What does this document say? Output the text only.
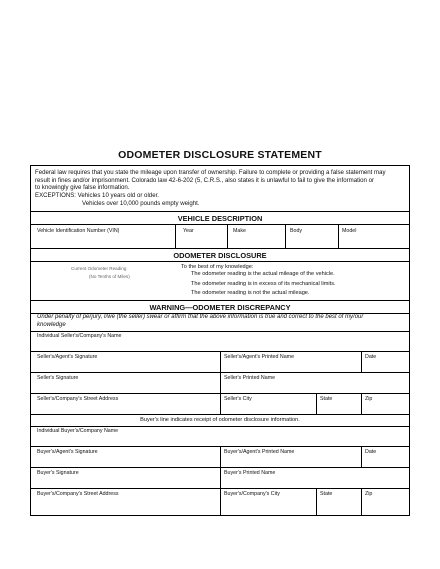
ODOMETER DISCLOSURE STATEMENT
Federal law requires that you state the mileage upon transfer of ownership. Failure to complete or providing a false statement may
result in fines and/or imprisonment. Colorado law 42-6-202 (5, C.R.S., also states it is unlawful to fail to give the information or
to knowingly give false information.
EXCEPTIONS: Vehicles 10 years old or older.
Vehicles over 10,000 pounds empty weight.
VEHICLE DESCRIPTION
Vehicle Identification Number (VIN)	Year	Make	Body	Model
ODOMETER DISCLOSURE
Current Odometer Reading
(No Tenths of Miles)
To the best of my knowledge:
The odometer reading is the actual mileage of the vehicle.
The odometer reading is in excess of its mechanical limits.
The odometer reading is not the actual mileage.
WARNING—ODOMETER DISCREPANCY
Under penalty of perjury, I/we (the seller) swear or affirm that the above information is true and correct to the best of my/our
knowledge
Individual Seller's/Company's Name
Seller's/Agent's Signature	Seller's/Agent's Printed Name	Date
Seller's Signature	Seller's Printed Name
Seller's/Company's Street Address	Seller's City	State	Zip
Buyer's line indicates receipt of odometer disclosure information.
Individual Buyer's/Company Name
Buyer's/Agent's Signature	Buyer's/Agent's Printed Name	Date
Buyer's Signature	Buyer's Printed Name
Buyer's/Company's Street Address	Buyer's/Company's City	State	Zip
